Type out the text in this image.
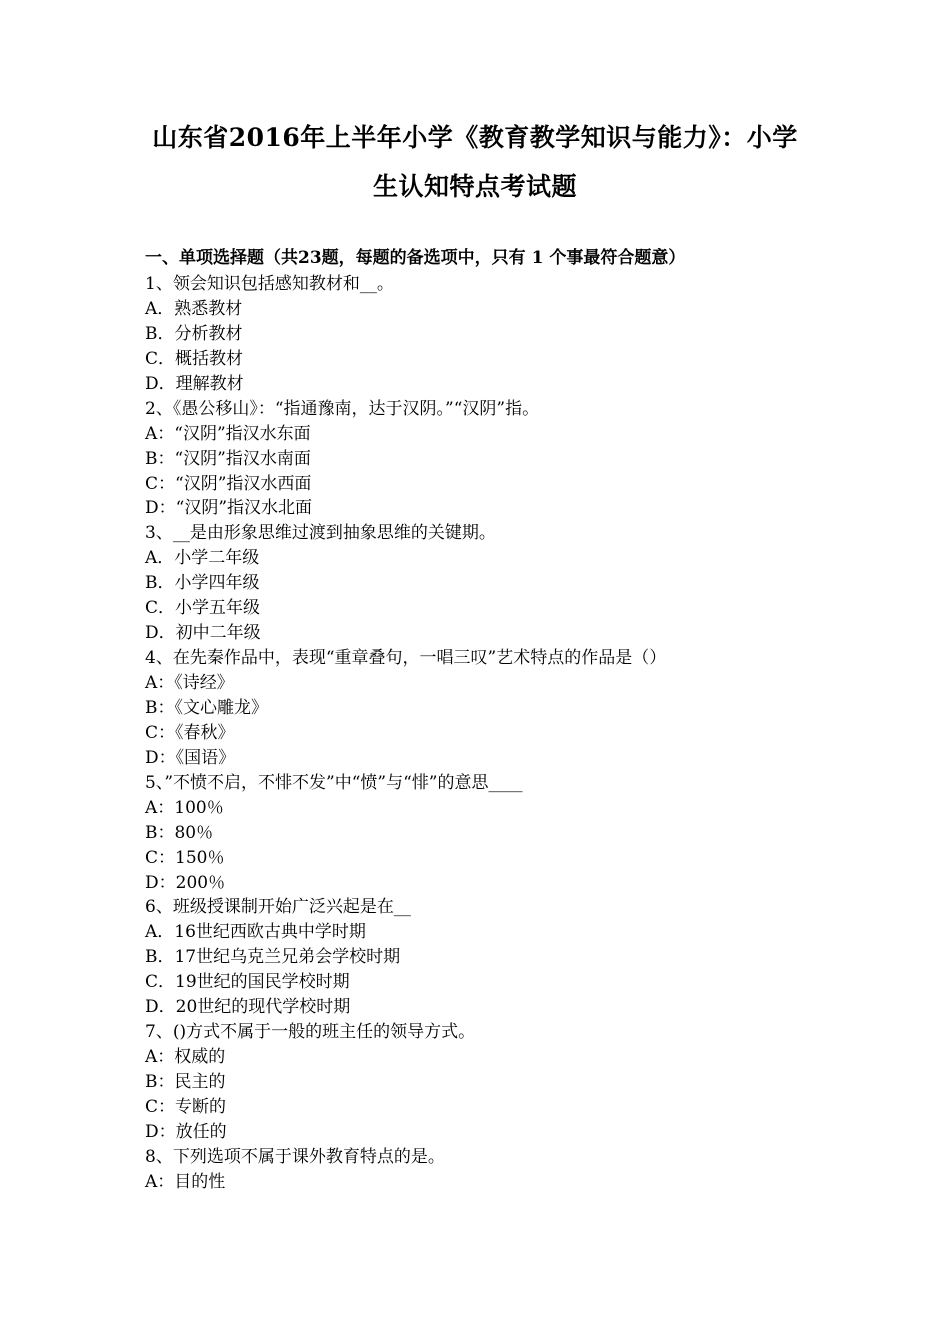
山东省2016年上半年小学《教育教学知识与能力》：小学
生认知特点考试题
一、单项选择题（共23题，每题的备选项中，只有 1 个事最符合题意）
1、领会知识包括感知教材和__。
A．熟悉教材
B．分析教材
C．概括教材
D．理解教材
2、《愚公移山》：“指通豫南，达于汉阴。”“汉阴”指。
A：“汉阴”指汉水东面
B：“汉阴”指汉水南面
C：“汉阴”指汉水西面
D：“汉阴”指汉水北面
3、__是由形象思维过渡到抽象思维的关键期。
A．小学二年级
B．小学四年级
C．小学五年级
D．初中二年级
4、在先秦作品中，表现“重章叠句，一唱三叹”艺术特点的作品是（）
A：《诗经》
B：《文心雕龙》
C：《春秋》
D：《国语》
5、”不愤不启，不悱不发”中“愤”与“悱”的意思____
A：100％
B：80％
C：150％
D：200％
6、班级授课制开始广泛兴起是在__
A．16世纪西欧古典中学时期
B．17世纪乌克兰兄弟会学校时期
C．19世纪的国民学校时期
D．20世纪的现代学校时期
7、()方式不属于一般的班主任的领导方式。
A：权威的
B：民主的
C：专断的
D：放任的
8、下列选项不属于课外教育特点的是。
A：目的性
